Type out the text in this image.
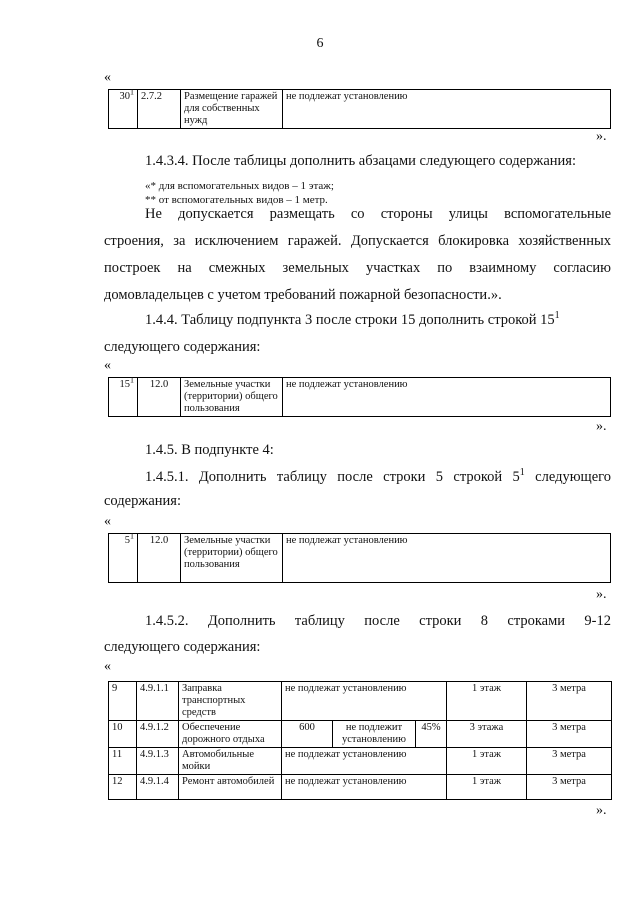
6
«
$30^1$	2.7.2	Размещение гаражей для собственных нужд	не подлежат установлению
».
1.4.3.4. После таблицы дополнить абзацами следующего содержания:
«* для вспомогательных видов – 1 этаж;
** от вспомогательных видов – 1 метр.
Не допускается размещать со стороны улицы вспомогательные
строения, за исключением гаражей. Допускается блокировка хозяйственных
построек на смежных земельных участках по взаимному согласию
домовладельцев с учетом требований пожарной безопасности.».
1.4.4. Таблицу подпункта 3 после строки 15 дополнить строкой $15^1$
следующего содержания:
«
$15^1$	12.0	Земельные участки (территории) общего пользования	не подлежат установлению
».
1.4.5. В подпункте 4:
1.4.5.1. Дополнить таблицу после строки 5 строкой $5^1$ следующего
содержания:
«
$5^1$	12.0	Земельные участки (территории) общего пользования	не подлежат установлению
».
1.4.5.2. Дополнить таблицу после строки 8 строками 9-12
следующего содержания:
«
9	4.9.1.1	Заправка транспортных средств	не подлежат установлению			1 этаж	3 метра
10	4.9.1.2	Обеспечение дорожного отдыха	600	не подлежит установлению	45%	3 этажа	3 метра
11	4.9.1.3	Автомобильные мойки	не подлежат установлению			1 этаж	3 метра
12	4.9.1.4	Ремонт автомобилей	не подлежат установлению			1 этаж	3 метра
».
